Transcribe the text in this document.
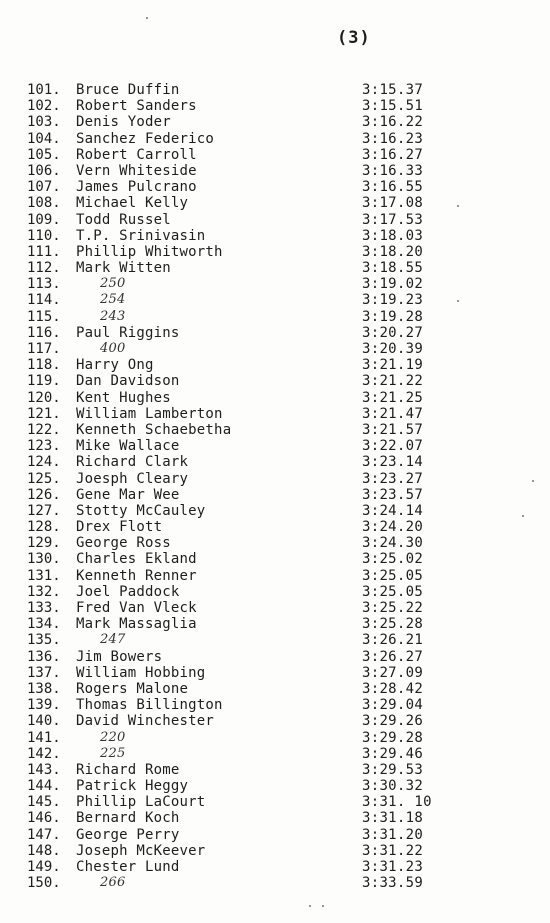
(3)
101.	Bruce Duffin	3:15.37
102.	Robert Sanders	3:15.51
103.	Denis Yoder	3:16.22
104.	Sanchez Federico	3:16.23
105.	Robert Carroll	3:16.27
106.	Vern Whiteside	3:16.33
107.	James Pulcrano	3:16.55
108.	Michael Kelly	3:17.08
109.	Todd Russel	3:17.53
110.	T.P. Srinivasin	3:18.03
111.	Phillip Whitworth	3:18.20
112.	Mark Witten	3:18.55
113.	250	3:19.02
114.	254	3:19.23
115.	243	3:19.28
116.	Paul Riggins	3:20.27
117.	400	3:20.39
118.	Harry Ong	3:21.19
119.	Dan Davidson	3:21.22
120.	Kent Hughes	3:21.25
121.	William Lamberton	3:21.47
122.	Kenneth Schaebetha	3:21.57
123.	Mike Wallace	3:22.07
124.	Richard Clark	3:23.14
125.	Joesph Cleary	3:23.27
126.	Gene Mar Wee	3:23.57
127.	Stotty McCauley	3:24.14
128.	Drex Flott	3:24.20
129.	George Ross	3:24.30
130.	Charles Ekland	3:25.02
131.	Kenneth Renner	3:25.05
132.	Joel Paddock	3:25.05
133.	Fred Van Vleck	3:25.22
134.	Mark Massaglia	3:25.28
135.	247	3:26.21
136.	Jim Bowers	3:26.27
137.	William Hobbing	3:27.09
138.	Rogers Malone	3:28.42
139.	Thomas Billington	3:29.04
140.	David Winchester	3:29.26
141.	220	3:29.28
142.	225	3:29.46
143.	Richard Rome	3:29.53
144.	Patrick Heggy	3:30.32
145.	Phillip LaCourt	3:31. 10
146.	Bernard Koch	3:31.18
147.	George Perry	3:31.20
148.	Joseph McKeever	3:31.22
149.	Chester Lund	3:31.23
150.	266	3:33.59
